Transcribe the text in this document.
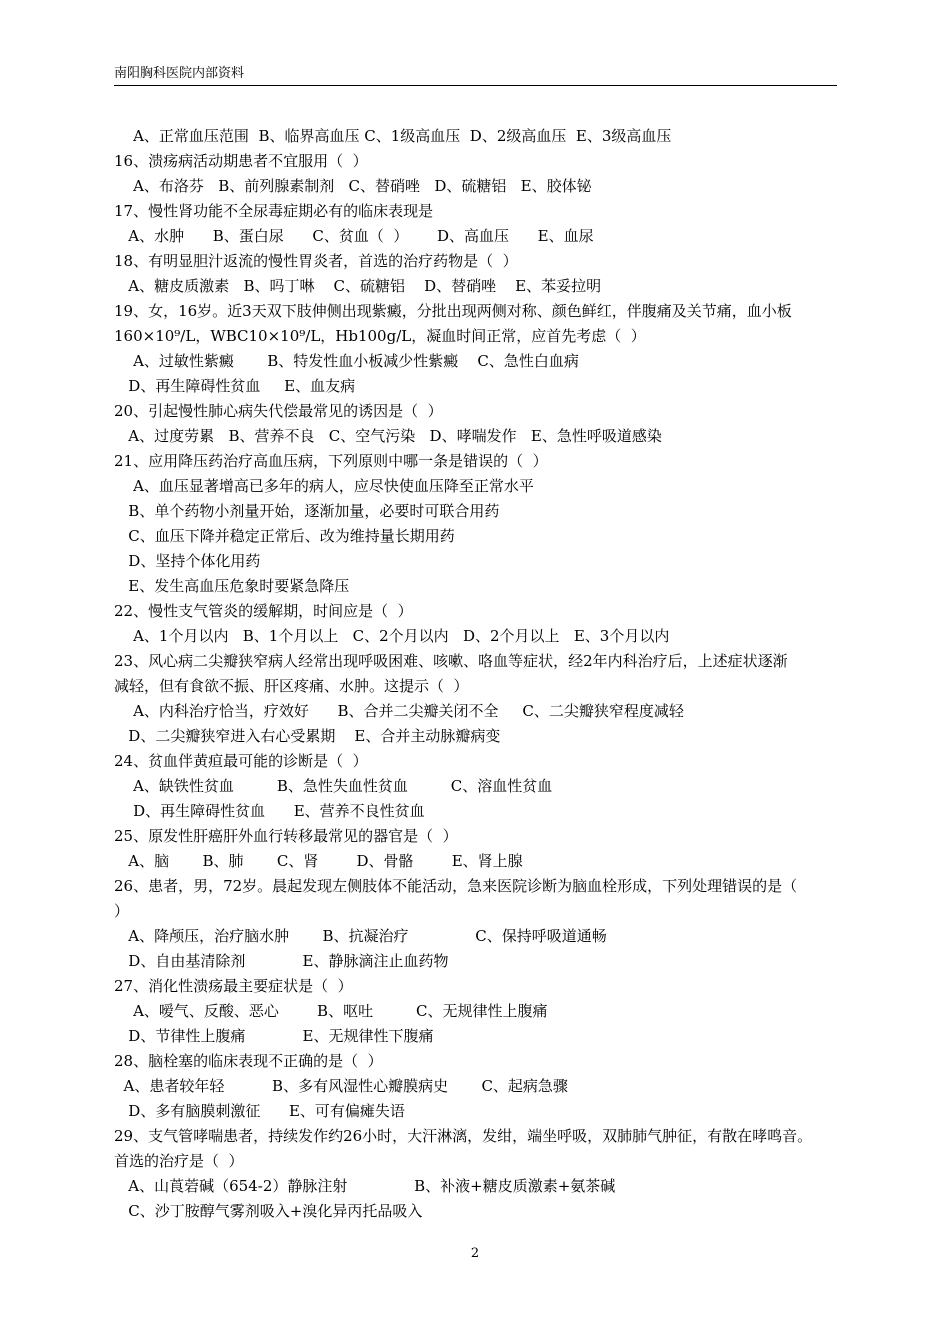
南阳胸科医院内部资料
A、正常血压范围  B、临界高血压 C、1级高血压  D、2级高血压  E、3级高血压
16、溃疡病活动期患者不宜服用（  ）
A、布洛芬   B、前列腺素制剂   C、替硝唑   D、硫糖铝   E、胶体铋
17、慢性肾功能不全尿毒症期必有的临床表现是
A、水肿      B、蛋白尿      C、贫血（  ）      D、高血压      E、血尿
18、有明显胆汁返流的慢性胃炎者，首选的治疗药物是（  ）
A、糖皮质激素   B、吗丁啉    C、硫糖铝    D、替硝唑    E、苯妥拉明
19、女，16岁。近3天双下肢伸侧出现紫癜，分批出现两侧对称、颜色鲜红，伴腹痛及关节痛，血小板
160×10⁹/L，WBC10×10⁹/L，Hb100g/L，凝血时间正常，应首先考虑（  ）
A、过敏性紫癜       B、特发性血小板减少性紫癜    C、急性白血病
D、再生障碍性贫血     E、血友病
20、引起慢性肺心病失代偿最常见的诱因是（  ）
A、过度劳累   B、营养不良   C、空气污染   D、哮喘发作   E、急性呼吸道感染
21、应用降压药治疗高血压病，下列原则中哪一条是错误的（  ）
A、血压显著增高已多年的病人，应尽快使血压降至正常水平
B、单个药物小剂量开始，逐渐加量，必要时可联合用药
C、血压下降并稳定正常后、改为维持量长期用药
D、坚持个体化用药
E、发生高血压危象时要紧急降压
22、慢性支气管炎的缓解期，时间应是（  ）
A、1个月以内   B、1个月以上   C、2个月以内   D、2个月以上   E、3个月以内
23、风心病二尖瓣狭窄病人经常出现呼吸困难、咳嗽、咯血等症状，经2年内科治疗后，上述症状逐渐
减轻，但有食欲不振、肝区疼痛、水肿。这提示（  ）
A、内科治疗恰当，疗效好      B、合并二尖瓣关闭不全     C、二尖瓣狭窄程度减轻
D、二尖瓣狭窄进入右心受累期    E、合并主动脉瓣病变
24、贫血伴黄疸最可能的诊断是（  ）
A、缺铁性贫血         B、急性失血性贫血         C、溶血性贫血
D、再生障碍性贫血      E、营养不良性贫血
25、原发性肝癌肝外血行转移最常见的器官是（  ）
A、脑       B、肺       C、肾        D、骨骼        E、肾上腺
26、患者，男，72岁。晨起发现左侧肢体不能活动，急来医院诊断为脑血栓形成，下列处理错误的是（
）
A、降颅压，治疗脑水肿       B、抗凝治疗              C、保持呼吸道通畅
D、自由基清除剂            E、静脉滴注止血药物
27、消化性溃疡最主要症状是（  ）
A、嗳气、反酸、恶心        B、呕吐         C、无规律性上腹痛
D、节律性上腹痛            E、无规律性下腹痛
28、脑栓塞的临床表现不正确的是（  ）
A、患者较年轻          B、多有风湿性心瓣膜病史       C、起病急骤
D、多有脑膜刺激征      E、可有偏瘫失语
29、支气管哮喘患者，持续发作约26小时，大汗淋漓，发绀，端坐呼吸，双肺肺气肿征，有散在哮鸣音。
首选的治疗是（  ）
A、山莨菪碱（654-2）静脉注射              B、补液+糖皮质激素+氨茶碱
C、沙丁胺醇气雾剂吸入+溴化异丙托品吸入
2
